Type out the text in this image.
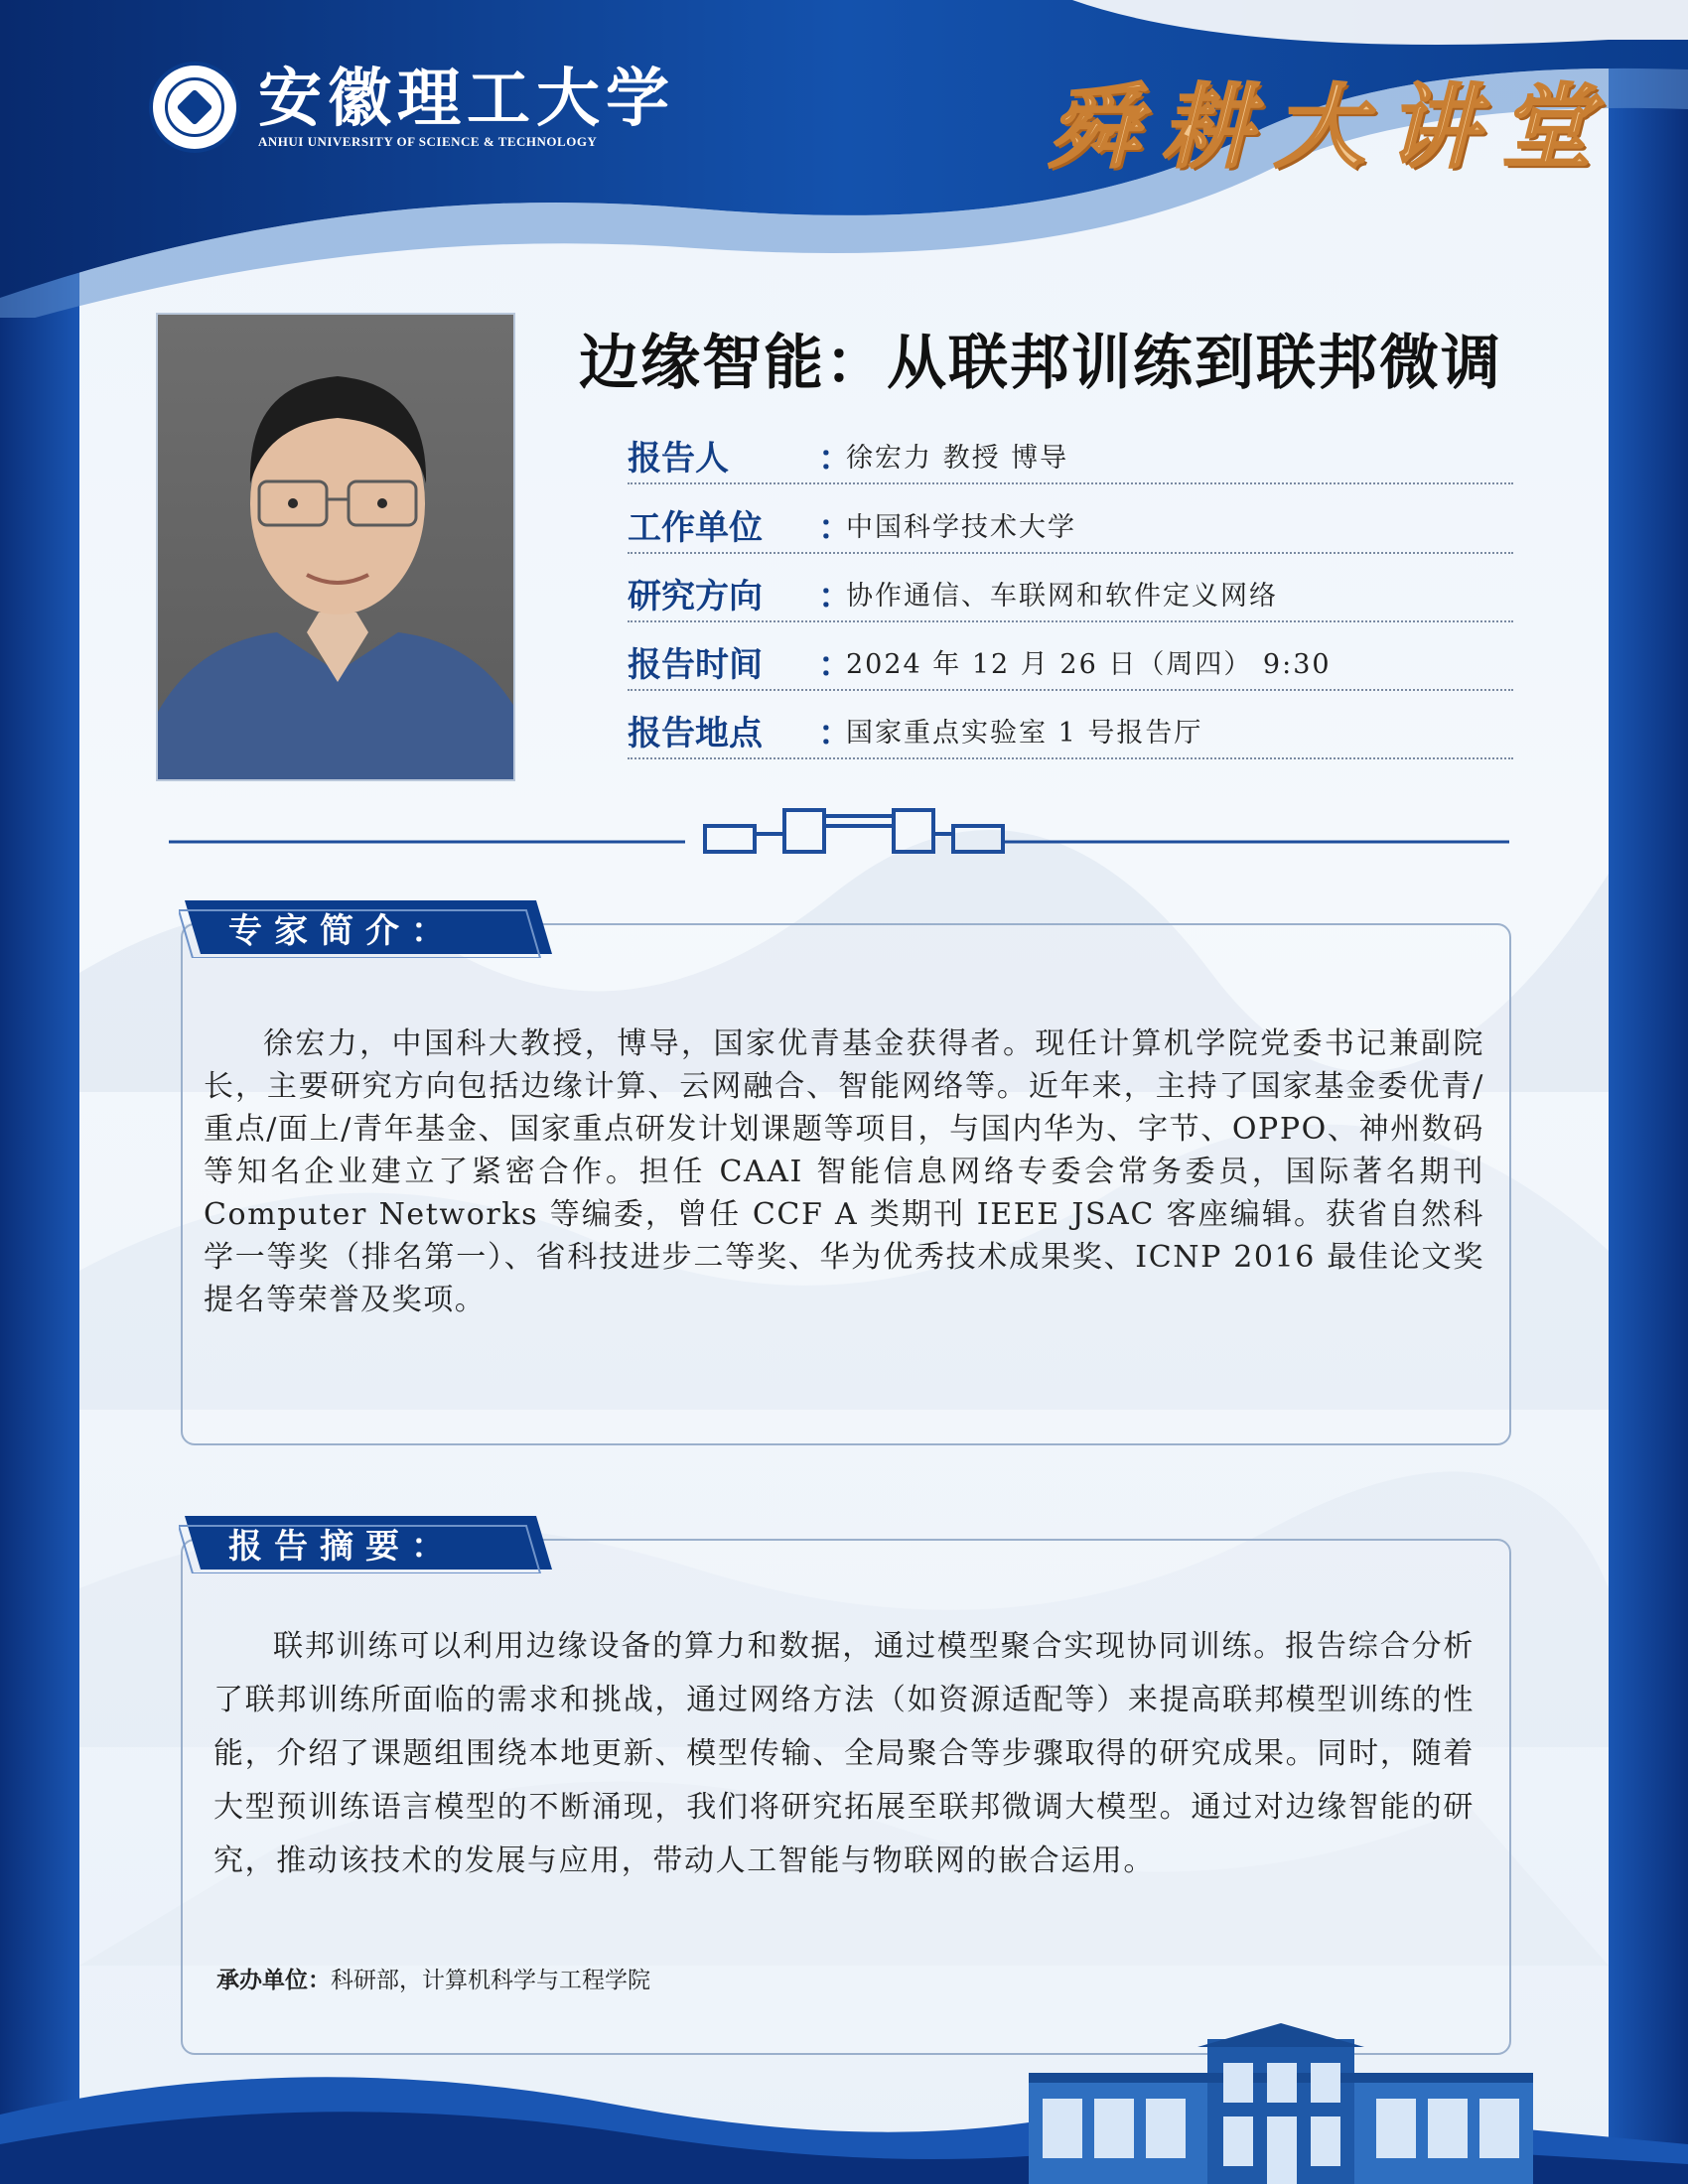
安徽理工大学
ANHUI UNIVERSITY OF SCIENCE & TECHNOLOGY	舜耕大讲堂
边缘智能：从联邦训练到联邦微调
报告人	：
徐宏力 教授 博导
工作单位	：
中国科学技术大学
研究方向	：
协作通信、车联网和软件定义网络
报告时间	：
2024 年 12 月 26 日（周四） 9:30
报告地点	：
国家重点实验室 1 号报告厅
专家简介：
徐宏力，中国科大教授，博导，国家优青基金获得者。现任计算机学院党委书记兼副院长，主要研究方向包括边缘计算、云网融合、智能网络等。近年来，主持了国家基金委优青/重点/面上/青年基金、国家重点研发计划课题等项目，与国内华为、字节、OPPO、神州数码等知名企业建立了紧密合作。担任 CAAI 智能信息网络专委会常务委员，国际著名期刊 Computer Networks 等编委，曾任 CCF A 类期刊 IEEE JSAC 客座编辑。获省自然科学一等奖（排名第一）、省科技进步二等奖、华为优秀技术成果奖、ICNP 2016 最佳论文奖提名等荣誉及奖项。
报告摘要：
联邦训练可以利用边缘设备的算力和数据，通过模型聚合实现协同训练。报告综合分析了联邦训练所面临的需求和挑战，通过网络方法（如资源适配等）来提高联邦模型训练的性能，介绍了课题组围绕本地更新、模型传输、全局聚合等步骤取得的研究成果。同时，随着大型预训练语言模型的不断涌现，我们将研究拓展至联邦微调大模型。通过对边缘智能的研究，推动该技术的发展与应用，带动人工智能与物联网的嵌合运用。
承办单位：科研部，计算机科学与工程学院
